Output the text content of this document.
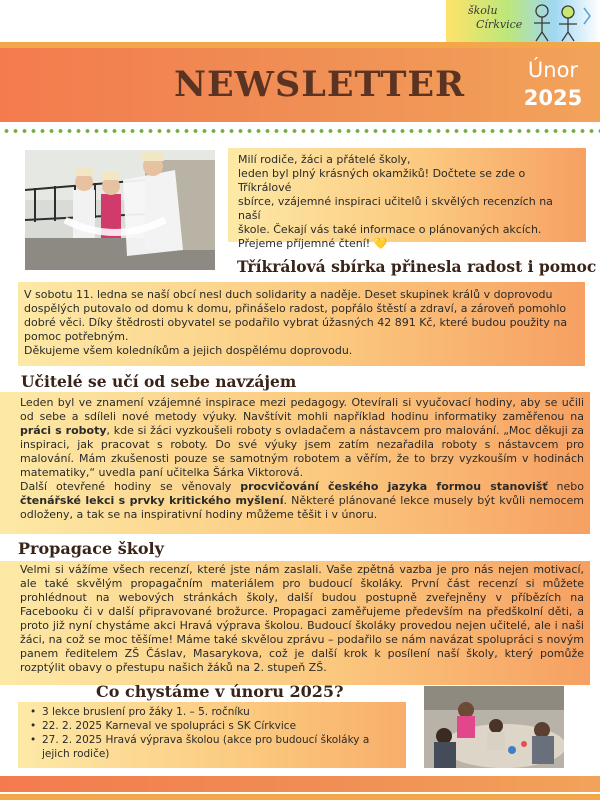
školu
Církvice
NEWSLETTER	Únor
2025
Milí rodiče, žáci a přátelé školy,
leden byl plný krásných okamžiků! Dočtete se zde o Tříkrálové
sbírce, vzájemné inspiraci učitelů i skvělých recenzích na naší
škole. Čekají vás také informace o plánovaných akcích.
Přejeme příjemné čtení! 💛
Tříkrálová sbírka přinesla radost i pomoc
V sobotu 11. ledna se naší obcí nesl duch solidarity a naděje. Deset skupinek králů v doprovodu
dospělých putovalo od domu k domu, přinášelo radost, popřálo štěstí a zdraví, a zároveň pomohlo
dobré věci. Díky štědrosti obyvatel se podařilo vybrat úžasných 42 891 Kč, které budou použity na
pomoc potřebným.
Děkujeme všem koledníkům a jejich dospělému doprovodu.
Učitelé se učí od sebe navzájem

Leden byl ve znamení vzájemné inspirace mezi pedagogy. Otevírali si vyučovací hodiny, aby se učili od sebe a sdíleli nové metody výuky. Navštívit mohli například hodinu informatiky zaměřenou na práci s roboty, kde si žáci vyzkoušeli roboty s ovladačem a nástavcem pro malování. „Moc děkuji za inspiraci, jak pracovat s roboty. Do své výuky jsem zatím nezařadila roboty s nástavcem pro malování. Mám zkušenosti pouze se samotným robotem a věřím, že to brzy vyzkouším v hodinách matematiky,“ uvedla paní učitelka Šárka Viktorová.

Další otevřené hodiny se věnovaly procvičování českého jazyka formou stanovišť nebo čtenářské lekci s prvky kritického myšlení. Některé plánované lekce musely být kvůli nemocem odloženy, a tak se na inspirativní hodiny můžeme těšit i v únoru.

Propagace školy

Velmi si vážíme všech recenzí, které jste nám zaslali. Vaše zpětná vazba je pro nás nejen motivací, ale také skvělým propagačním materiálem pro budoucí školáky. První část recenzí si můžete prohlédnout na webových stránkách školy, další budou postupně zveřejněny v příbězích na Facebooku či v další připravované brožurce. Propagaci zaměřujeme především na předškolní děti, a proto již nyní chystáme akci Hravá výprava školou. Budoucí školáky provedou nejen učitelé, ale i naši žáci, na což se moc těšíme! Máme také skvělou zprávu – podařilo se nám navázat spolupráci s novým panem ředitelem ZŠ Čáslav, Masarykova, což je další krok k posílení naší školy, který pomůže rozptýlit obavy o přestupu našich žáků na 2. stupeň ZŠ.

Co chystáme v únoru 2025?
• 3 lekce bruslení pro žáky 1. – 5. ročníku
• 22. 2. 2025 Karneval ve spolupráci s SK Církvice
• 27. 2. 2025 Hravá výprava školou (akce pro budoucí školáky a jejich rodiče)
